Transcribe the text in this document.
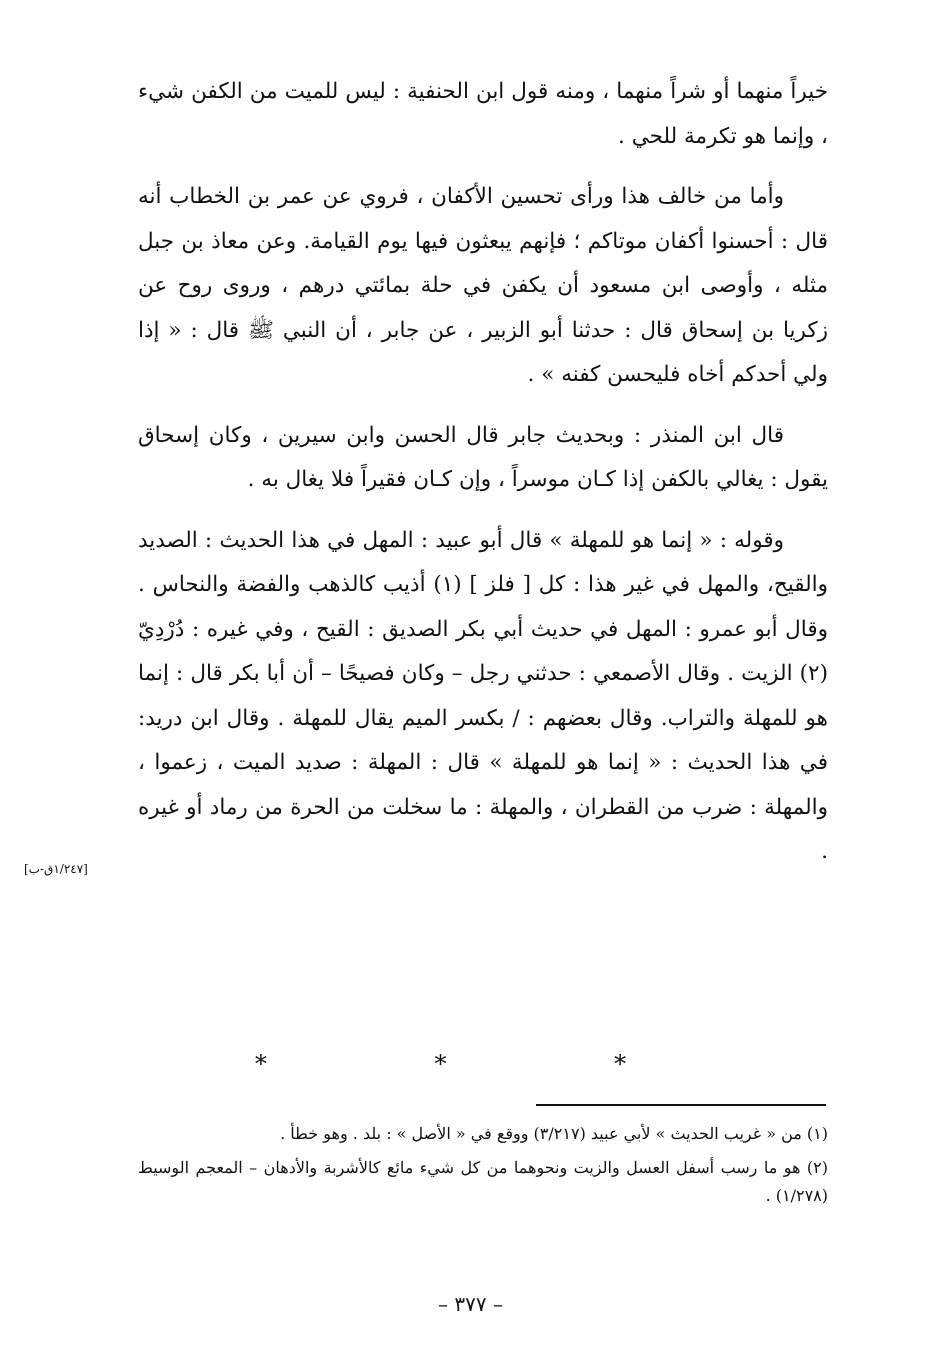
خيراً منهما أو شراً منهما ، ومنه قول ابن الحنفية : ليس للميت من الكفن شيء ، وإنما هو تكرمة للحي .

وأما من خالف هذا ورأى تحسين الأكفان ، فروي عن عمر بن الخطاب أنه قال : أحسنوا أكفان موتاكم ؛ فإنهم يبعثون فيها يوم القيامة. وعن معاذ بن جبل مثله ، وأوصى ابن مسعود أن يكفن في حلة بمائتي درهم ، وروى روح عن زكريا بن إسحاق قال : حدثنا أبو الزبير ، عن جابر ، أن النبي ﷺ قال : « إذا ولي أحدكم أخاه فليحسن كفنه » .

قال ابن المنذر : وبحديث جابر قال الحسن وابن سيرين ، وكان إسحاق يقول : يغالي بالكفن إذا كـان موسراً ، وإن كـان فقيراً فلا يغال به .

وقوله : « إنما هو للمهلة » قال أبو عبيد : المهل في هذا الحديث : الصديد والقيح، والمهل في غير هذا : كل [ فلز ] (١) أذيب كالذهب والفضة والنحاس . وقال أبو عمرو : المهل في حديث أبي بكر الصديق : القيح ، وفي غيره : دُرْدِيّ (٢) الزيت . وقال الأصمعي : حدثني رجل – وكان فصيحًا – أن أبا بكر قال : إنما هو للمهلة والتراب. وقال بعضهم : / بكسر الميم يقال للمهلة . وقال ابن دريد: في هذا الحديث : « إنما هو للمهلة » قال : المهلة : صديد الميت ، زعموا ، والمهلة : ضرب من القطران ، والمهلة : ما سخلت من الحرة من رماد أو غيره .

[١/٢٤٧ق-ب]
* * *

(١) من « غريب الحديث » لأبي عبيد (٣/٢١٧) ووقع في « الأصل » : بلد . وهو خطأ .

(٢) هو ما رسب أسفل العسل والزيت ونحوهما من كل شيء مائع كالأشربة والأدهان – المعجم الوسيط (١/٢٧٨) .

– ٣٧٧ –
